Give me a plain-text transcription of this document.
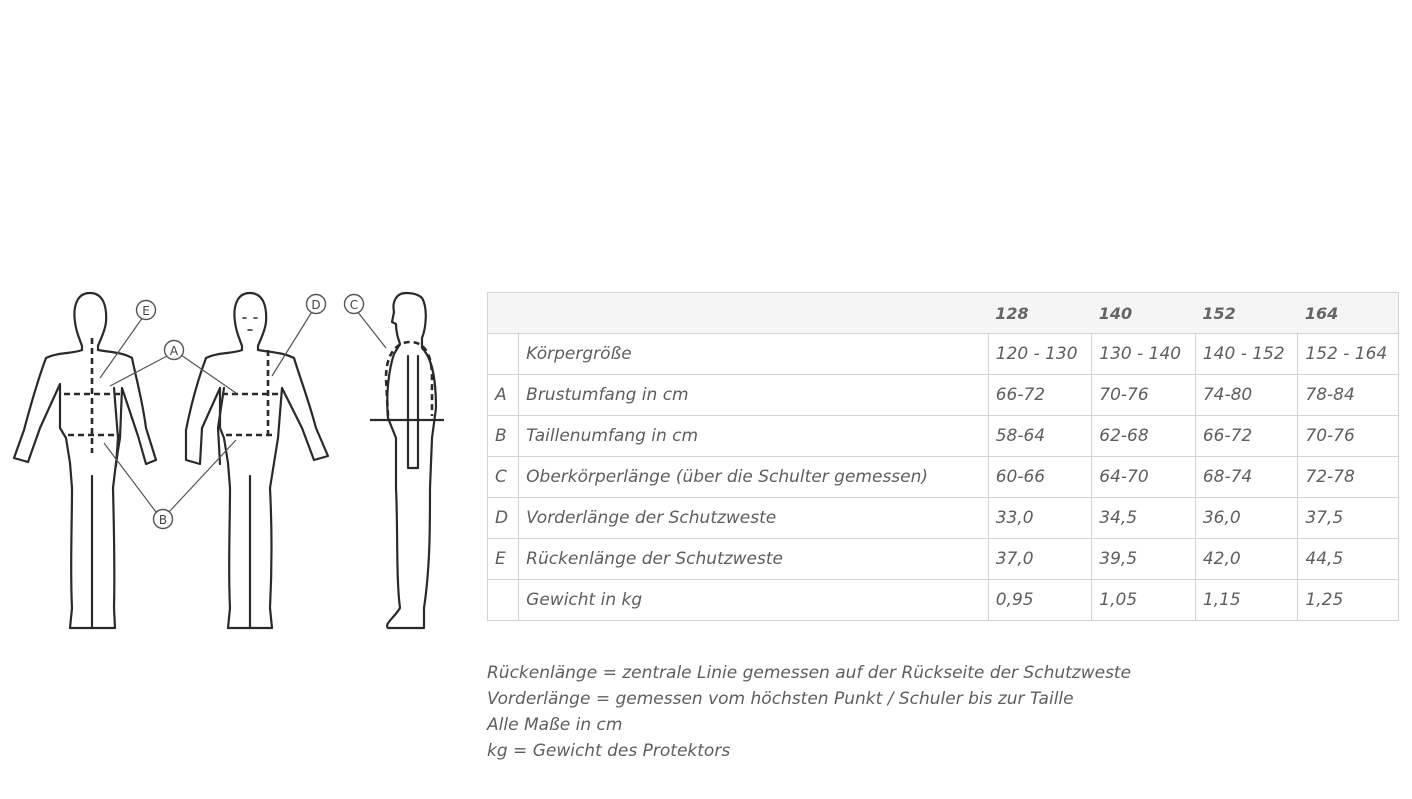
E
A
D C
B
		128	140	152	164
	Körpergröße	120 - 130	130 - 140	140 - 152	152 - 164
A	Brustumfang in cm	66-72	70-76	74-80	78-84
B	Taillenumfang in cm	58-64	62-68	66-72	70-76
C	Oberkörperlänge (über die Schulter gemessen)	60-66	64-70	68-74	72-78
D	Vorderlänge der Schutzweste	33,0	34,5	36,0	37,5
E	Rückenlänge der Schutzweste	37,0	39,5	42,0	44,5
	Gewicht in kg	0,95	1,05	1,15	1,25
Rückenlänge = zentrale Linie gemessen auf der Rückseite der Schutzweste
Vorderlänge = gemessen vom höchsten Punkt / Schuler bis zur Taille
Alle Maße in cm
kg = Gewicht des Protektors
